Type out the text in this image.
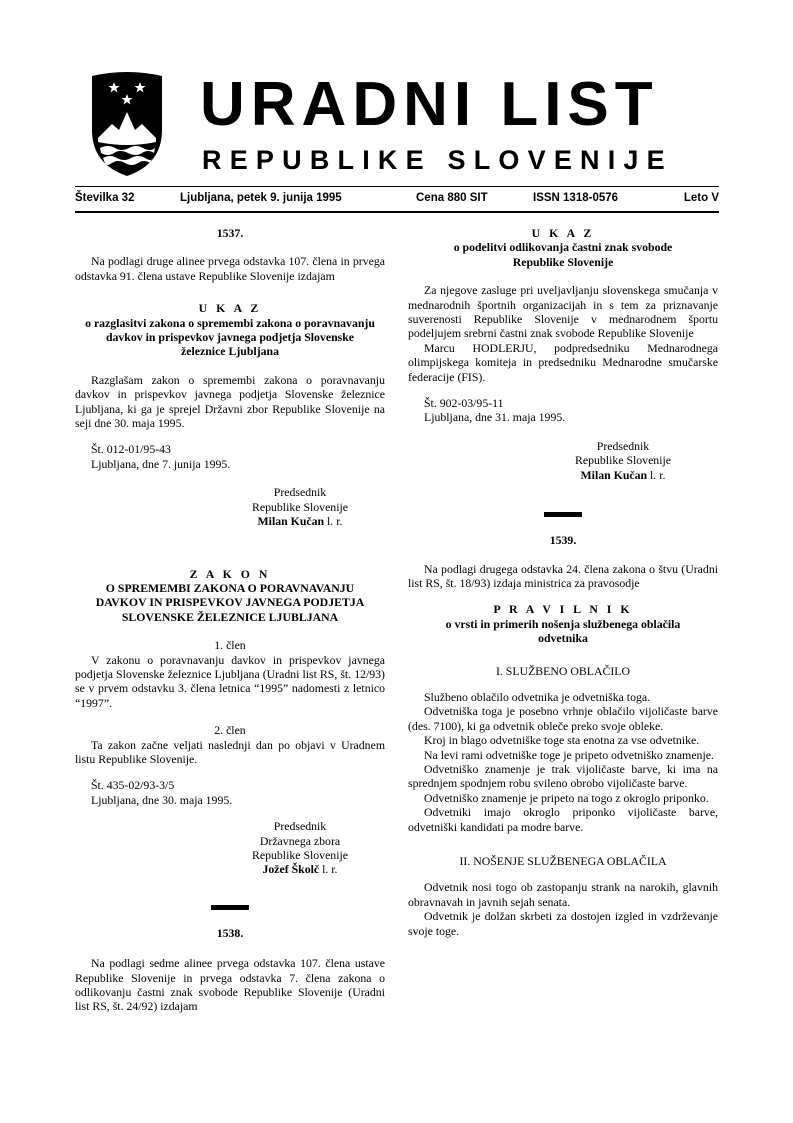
URADNI LIST
REPUBLIKE SLOVENIJE
Številka 32	Ljubljana, petek 9. junija 1995	Cena 880 SIT	ISSN 1318-0576	Leto V

1537.

Na podlagi druge alinee prvega odstavka 107. člena in prvega odstavka 91. člena ustave Republike Slovenije izdajam

U K A Z

o razglasitvi zakona o spremembi zakona o poravnavanju davkov in prispevkov javnega podjetja Slovenske železnice Ljubljana

Razglašam zakon o spremembi zakona o poravnavanju davkov in prispevkov javnega podjetja Slovenske železnice Ljubljana, ki ga je sprejel Državni zbor Republike Slovenije na seji dne 30. maja 1995.

Št. 012-01/95-43

Ljubljana, dne 7. junija 1995.

Predsednik

Republike Slovenije

Milan Kučan l. r.

Z A K O N

O SPREMEMBI ZAKONA O PORAVNAVANJU DAVKOV IN PRISPEVKOV JAVNEGA PODJETJA SLOVENSKE ŽELEZNICE LJUBLJANA

1. člen

V zakonu o poravnavanju davkov in prispevkov javnega podjetja Slovenske železnice Ljubljana (Uradni list RS, št. 12/93) se v prvem odstavku 3. člena letnica “1995” nadomesti z letnico “1997”.

2. člen

Ta zakon začne veljati naslednji dan po objavi v Uradnem listu Republike Slovenije.

Št. 435-02/93-3/5

Ljubljana, dne 30. maja 1995.

Predsednik

Državnega zbora

Republike Slovenije

Jožef Školč l. r.

1538.

Na podlagi sedme alinee prvega odstavka 107. člena ustave Republike Slovenije in prvega odstavka 7. člena zakona o odlikovanju častni znak svobode Republike Slovenije (Uradni list RS, št. 24/92) izdajam

U K A Z

o podelitvi odlikovanja častni znak svobode Republike Slovenije

Za njegove zasluge pri uveljavljanju slovenskega smučanja v mednarodnih športnih organizacijah in s tem za priznavanje suverenosti Republike Slovenije v mednarodnem športu podeljujem srebrni častni znak svobode Republike Slovenije

Marcu HODLERJU, podpredsedniku Mednarodnega olimpijskega komiteja in predsedniku Mednarodne smučarske federacije (FIS).

Št. 902-03/95-11

Ljubljana, dne 31. maja 1995.

Predsednik

Republike Slovenije

Milan Kučan l. r.

1539.

Na podlagi drugega odstavka 24. člena zakona o štvu (Uradni list RS, št. 18/93) izdaja ministrica za pravosodje

P R A V I L N I K

o vrsti in primerih nošenja službenega oblačila odvetnika

I. SLUŽBENO OBLAČILO

Službeno oblačilo odvetnika je odvetniška toga.

Odvetniška toga je posebno vrhnje oblačilo vijoličaste barve (des. 7100), ki ga odvetnik obleče preko svoje obleke.

Kroj in blago odvetniške toge sta enotna za vse odvetnike.

Na levi rami odvetniške toge je pripeto odvetniško znamenje.

Odvetniško znamenje je trak vijoličaste barve, ki ima na sprednjem spodnjem robu svileno obrobo vijoličaste barve.

Odvetniško znamenje je pripeto na togo z okroglo priponko.

Odvetniki imajo okroglo priponko vijoličaste barve, odvetniški kandidati pa modre barve.

II. NOŠENJE SLUŽBENEGA OBLAČILA

Odvetnik nosi togo ob zastopanju strank na narokih, glavnih obravnavah in javnih sejah senata.

Odvetnik je dolžan skrbeti za dostojen izgled in vzdrževanje svoje toge.
